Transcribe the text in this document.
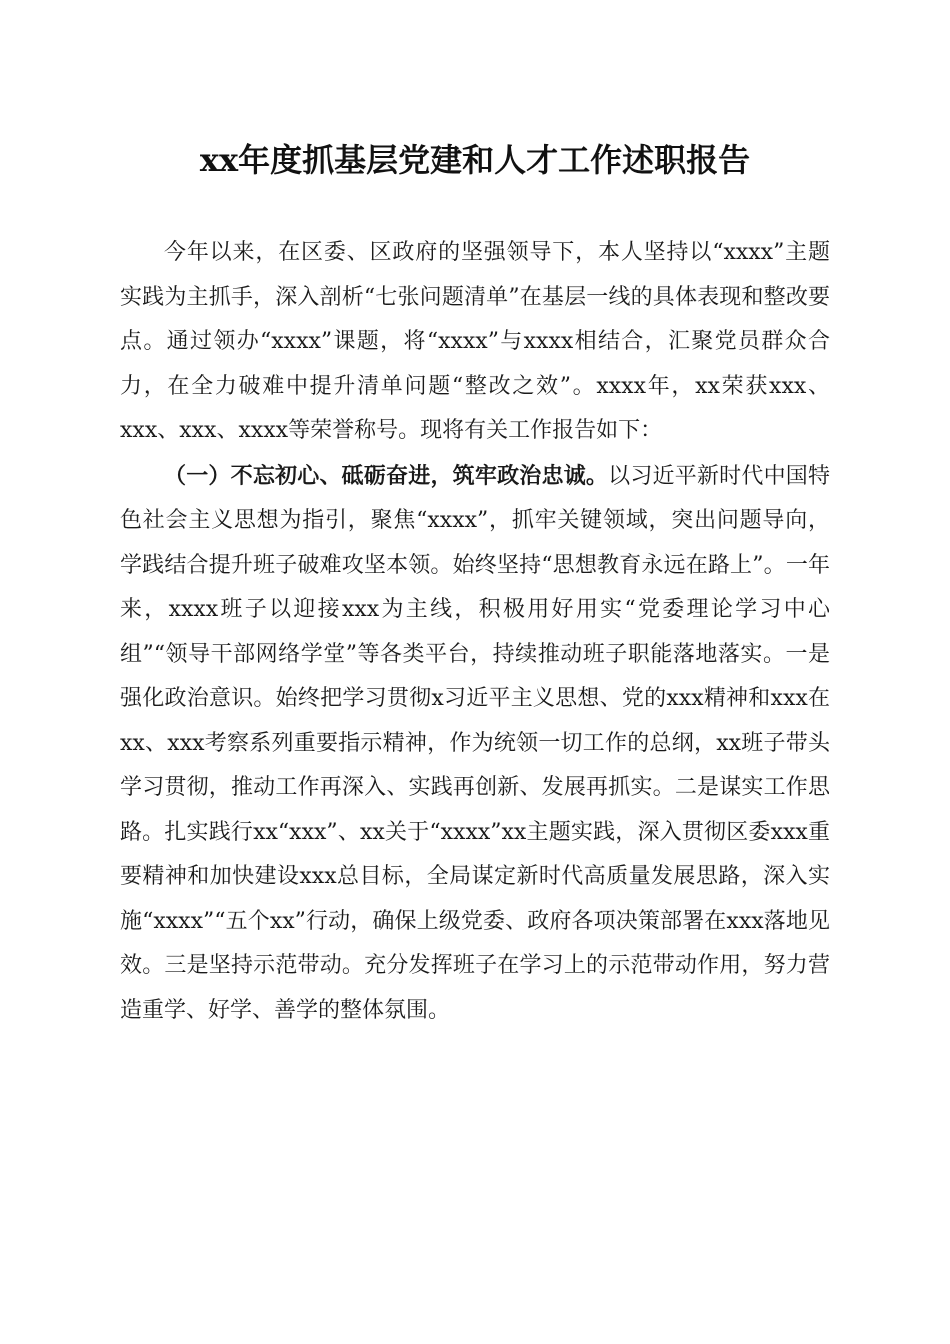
xx年度抓基层党建和人才工作述职报告

今年以来，在区委、区政府的坚强领导下，本人坚持以“xxxx”主题实践为主抓手，深入剖析“七张问题清单”在基层一线的具体表现和整改要点。通过领办“xxxx”课题，将“xxxx”与xxxx相结合，汇聚党员群众合力，在全力破难中提升清单问题“整改之效”。xxxx年，xx荣获xxx、xxx、xxx、xxxx等荣誉称号。现将有关工作报告如下：

（一）不忘初心、砥砺奋进，筑牢政治忠诚。以习近平新时代中国特色社会主义思想为指引，聚焦“xxxx”，抓牢关键领域，突出问题导向，学践结合提升班子破难攻坚本领。始终坚持“思想教育永远在路上”。一年来，xxxx班子以迎接xxx为主线，积极用好用实“党委理论学习中心组”“领导干部网络学堂”等各类平台，持续推动班子职能落地落实。一是强化政治意识。始终把学习贯彻x习近平主义思想、党的xxx精神和xxx在xx、xxx考察系列重要指示精神，作为统领一切工作的总纲，xx班子带头学习贯彻，推动工作再深入、实践再创新、发展再抓实。二是谋实工作思路。扎实践行xx“xxx”、xx关于“xxxx”xx主题实践，深入贯彻区委xxx重要精神和加快建设xxx总目标，全局谋定新时代高质量发展思路，深入实施“xxxx”“五个xx”行动，确保上级党委、政府各项决策部署在xxx落地见效。三是坚持示范带动。充分发挥班子在学习上的示范带动作用，努力营造重学、好学、善学的整体氛围。
